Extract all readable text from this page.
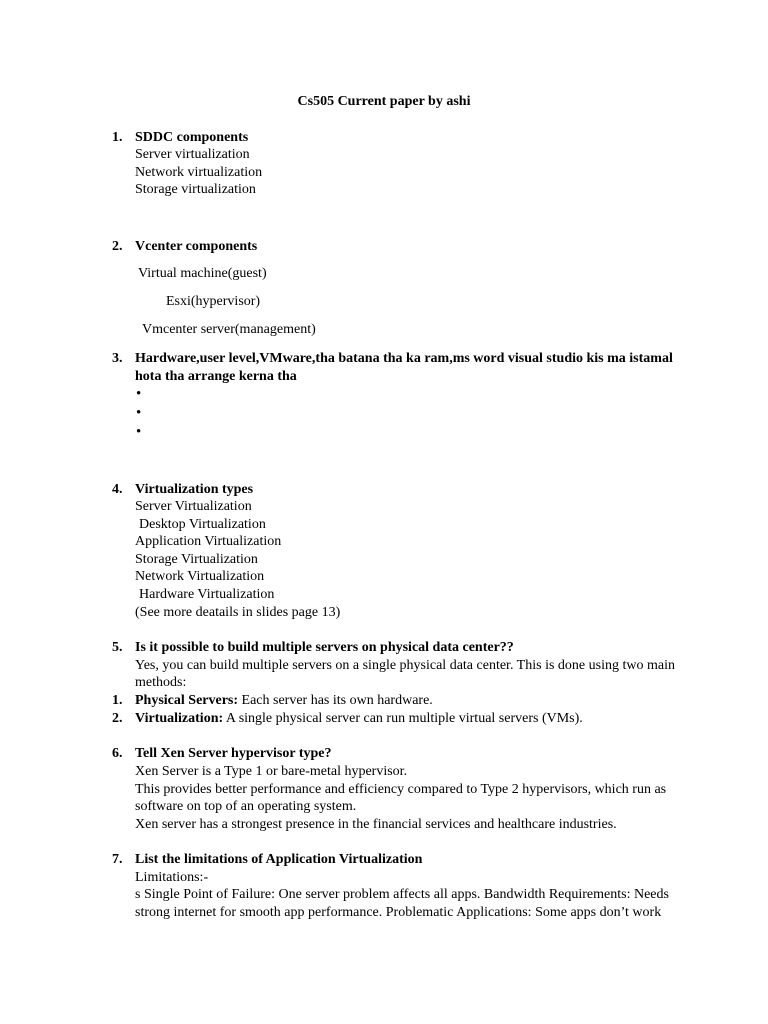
Cs505 Current paper by ashi
1. SDDC components
Server virtualization
Network virtualization
Storage virtualization
2. Vcenter components
Virtual machine(guest)
Esxi(hypervisor)
Vmcenter server(management)
3. Hardware,user level,VMware,tha batana tha ka ram,ms word visual studio kis ma istamal
hota tha arrange kerna tha
•
•
•
4. Virtualization types
Server Virtualization
Desktop Virtualization
Application Virtualization
Storage Virtualization
Network Virtualization
Hardware Virtualization
(See more deatails in slides page 13)
5. Is it possible to build multiple servers on physical data center??
Yes, you can build multiple servers on a single physical data center. This is done using two main
methods:
1. Physical Servers: Each server has its own hardware.
2. Virtualization: A single physical server can run multiple virtual servers (VMs).
6. Tell Xen Server hypervisor type?
Xen Server is a Type 1 or bare-metal hypervisor.
This provides better performance and efficiency compared to Type 2 hypervisors, which run as
software on top of an operating system.
Xen server has a strongest presence in the financial services and healthcare industries.
7. List the limitations of Application Virtualization
Limitations:-
s Single Point of Failure: One server problem affects all apps. Bandwidth Requirements: Needs
strong internet for smooth app performance. Problematic Applications: Some apps don’t work
